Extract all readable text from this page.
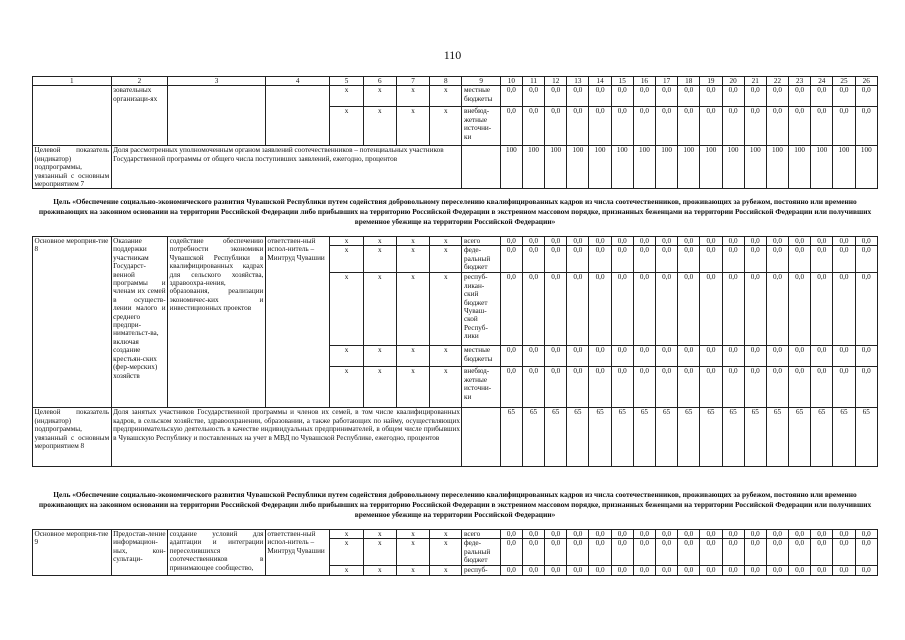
110
1	2	3	4	5	6	7	8	9	10	11	12	13	14	15	16	17	18	19	20	21	22	23	24	25	26
	зовательных организаци-ях			x	x	x	x	местные бюджеты	0,0	0,0	0,0	0,0	0,0	0,0	0,0	0,0	0,0	0,0	0,0	0,0	0,0	0,0	0,0	0,0	0,0
				x	x	x	x	внебюд-жетные источни-ки	0,0	0,0	0,0	0,0	0,0	0,0	0,0	0,0	0,0	0,0	0,0	0,0	0,0	0,0	0,0	0,0	0,0
Целевой показатель (индикатор) подпрограммы, увязанный с основным мероприятием 7	Доля рассмотренных уполномоченным органом заявлений соотечественников – потенциальных участников Государственной программы от общего числа поступивших заявлений, ежегодно, процентов								100	100	100	100	100	100	100	100	100	100	100	100	100	100	100	100	100
Цель «Обеспечение социально-экономического развития Чувашской Республики путем содействия добровольному переселению квалифицированных кадров из числа соотечественников, проживающих за рубежом, постоянно или временно проживающих на законном основании на территории Российской Федерации либо прибывших на территорию Российской Федерации в экстренном массовом порядке, признанных беженцами на территории Российской Федерации или получивших временное убежище на территории Российской Федерации»
Основное мероприя-тие 8	Оказание поддержки участникам Государст-венной программы и членам их семей в осуществ-лении малого и среднего предпри-нимательст-ва, включая создание крестьян-ских (фер-мерских) хозяйств	содействие обеспечению потребности экономики Чувашской Республики в квалифицированных кадрах для сельского хозяйства, здравоохра-нения, образования, реализации экономичес-ких и инвестиционных проектов	ответствен-ный испол-нитель – Минтруд Чувашии	x	x	x	x	всего	0,0	0,0	0,0	0,0	0,0	0,0	0,0	0,0	0,0	0,0	0,0	0,0	0,0	0,0	0,0	0,0	0,0
				x	x	x	x	феде-ральный бюджет	0,0	0,0	0,0	0,0	0,0	0,0	0,0	0,0	0,0	0,0	0,0	0,0	0,0	0,0	0,0	0,0	0,0
				x	x	x	x	респуб-ликан-ский бюджет Чуваш-ской Респуб-лики	0,0	0,0	0,0	0,0	0,0	0,0	0,0	0,0	0,0	0,0	0,0	0,0	0,0	0,0	0,0	0,0	0,0
				x	x	x	x	местные бюджеты	0,0	0,0	0,0	0,0	0,0	0,0	0,0	0,0	0,0	0,0	0,0	0,0	0,0	0,0	0,0	0,0	0,0
				x	x	x	x	внебюд-жетные источни-ки	0,0	0,0	0,0	0,0	0,0	0,0	0,0	0,0	0,0	0,0	0,0	0,0	0,0	0,0	0,0	0,0	0,0
Целевой показатель (индикатор) подпрограммы, увязанный с основным мероприятием 8	Доля занятых участников Государственной программы и членов их семей, в том числе квалифицированных кадров, в сельском хозяйстве, здравоохранении, образовании, а также работающих по найму, осуществляющих предпринимательскую деятельность в качестве индивидуальных предпринимателей, в общем числе прибывших в Чувашскую Республику и поставленных на учет в МВД по Чувашской Республике, ежегодно, процентов								65	65	65	65	65	65	65	65	65	65	65	65	65	65	65	65	65
Цель «Обеспечение социально-экономического развития Чувашской Республики путем содействия добровольному переселению квалифицированных кадров из числа соотечественников, проживающих за рубежом, постоянно или временно проживающих на законном основании на территории Российской Федерации либо прибывших на территорию Российской Федерации в экстренном массовом порядке, признанных беженцами на территории Российской Федерации или получивших временное убежище на территории Российской Федерации»
Основное мероприя-тие 9	Предостав-ление информацион-ных, кон-сультаци-	создание условий для адаптации и интеграции переселившихся соотечественников в принимающее сообщество,	ответствен-ный испол-нитель – Минтруд Чувашии	x	x	x	x	всего	0,0	0,0	0,0	0,0	0,0	0,0	0,0	0,0	0,0	0,0	0,0	0,0	0,0	0,0	0,0	0,0	0,0
				x	x	x	x	феде-ральный бюджет	0,0	0,0	0,0	0,0	0,0	0,0	0,0	0,0	0,0	0,0	0,0	0,0	0,0	0,0	0,0	0,0	0,0
				x	x	x	x	респуб-	0,0	0,0	0,0	0,0	0,0	0,0	0,0	0,0	0,0	0,0	0,0	0,0	0,0	0,0	0,0	0,0	0,0
